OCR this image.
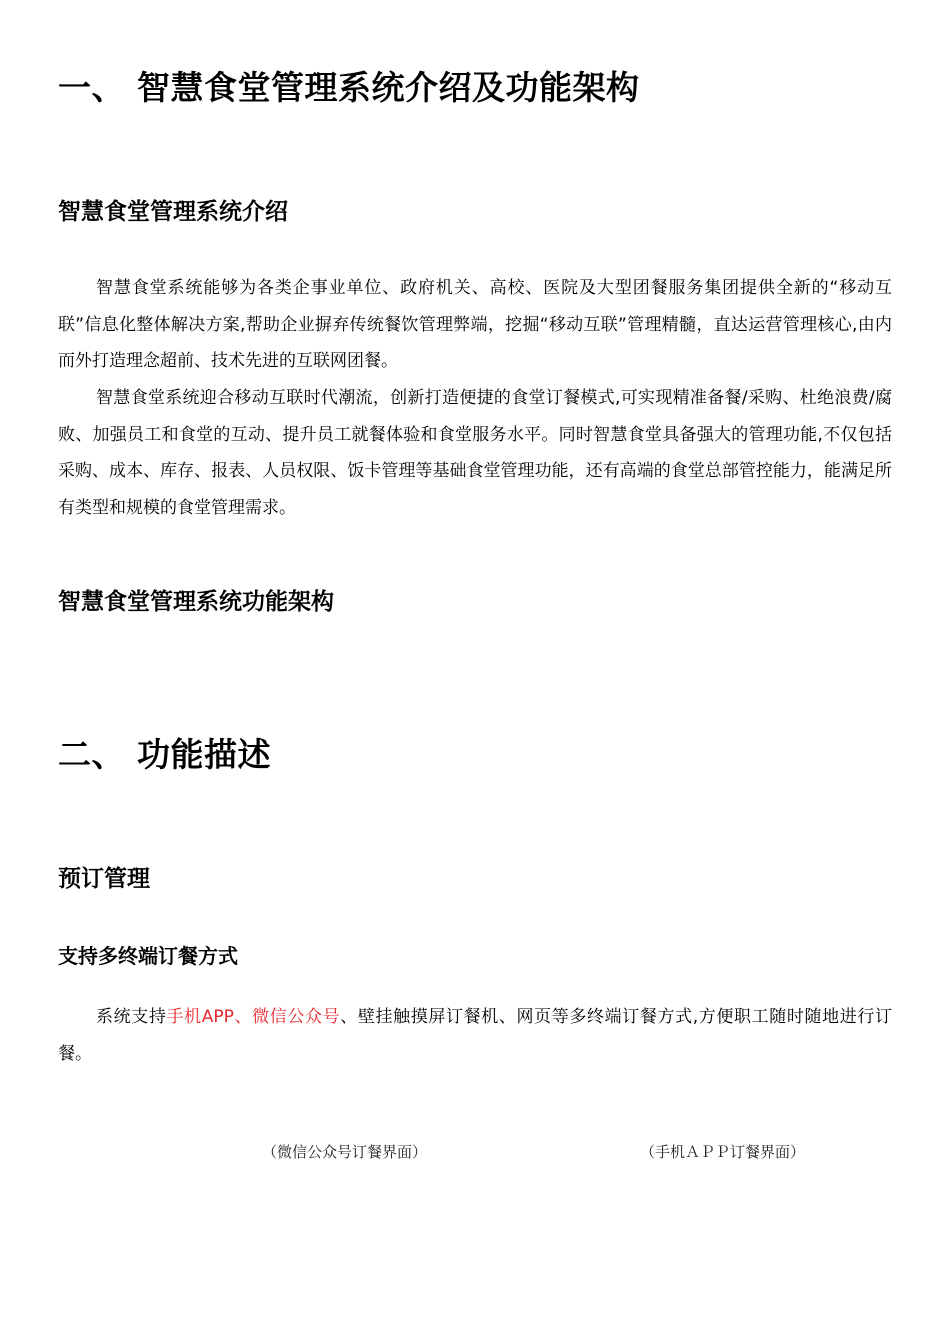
一、 智慧食堂管理系统介绍及功能架构
智慧食堂管理系统介绍

智慧食堂系统能够为各类企事业单位、政府机关、高校、医院及大型团餐服务集团提供全新的“移动互联”信息化整体解决方案,帮助企业摒弃传统餐饮管理弊端，挖掘“移动互联”管理精髓，直达运营管理核心,由内而外打造理念超前、技术先进的互联网团餐。

智慧食堂系统迎合移动互联时代潮流，创新打造便捷的食堂订餐模式,可实现精准备餐/采购、杜绝浪费/腐败、加强员工和食堂的互动、提升员工就餐体验和食堂服务水平。同时智慧食堂具备强大的管理功能,不仅包括采购、成本、库存、报表、人员权限、饭卡管理等基础食堂管理功能，还有高端的食堂总部管控能力，能满足所有类型和规模的食堂管理需求。

智慧食堂管理系统功能架构
二、 功能描述
预订管理
支持多终端订餐方式

系统支持手机APP、微信公众号、壁挂触摸屏订餐机、网页等多终端订餐方式,方便职工随时随地进行订餐。

（微信公众号订餐界面）	（手机ＡＰＰ订餐界面）
